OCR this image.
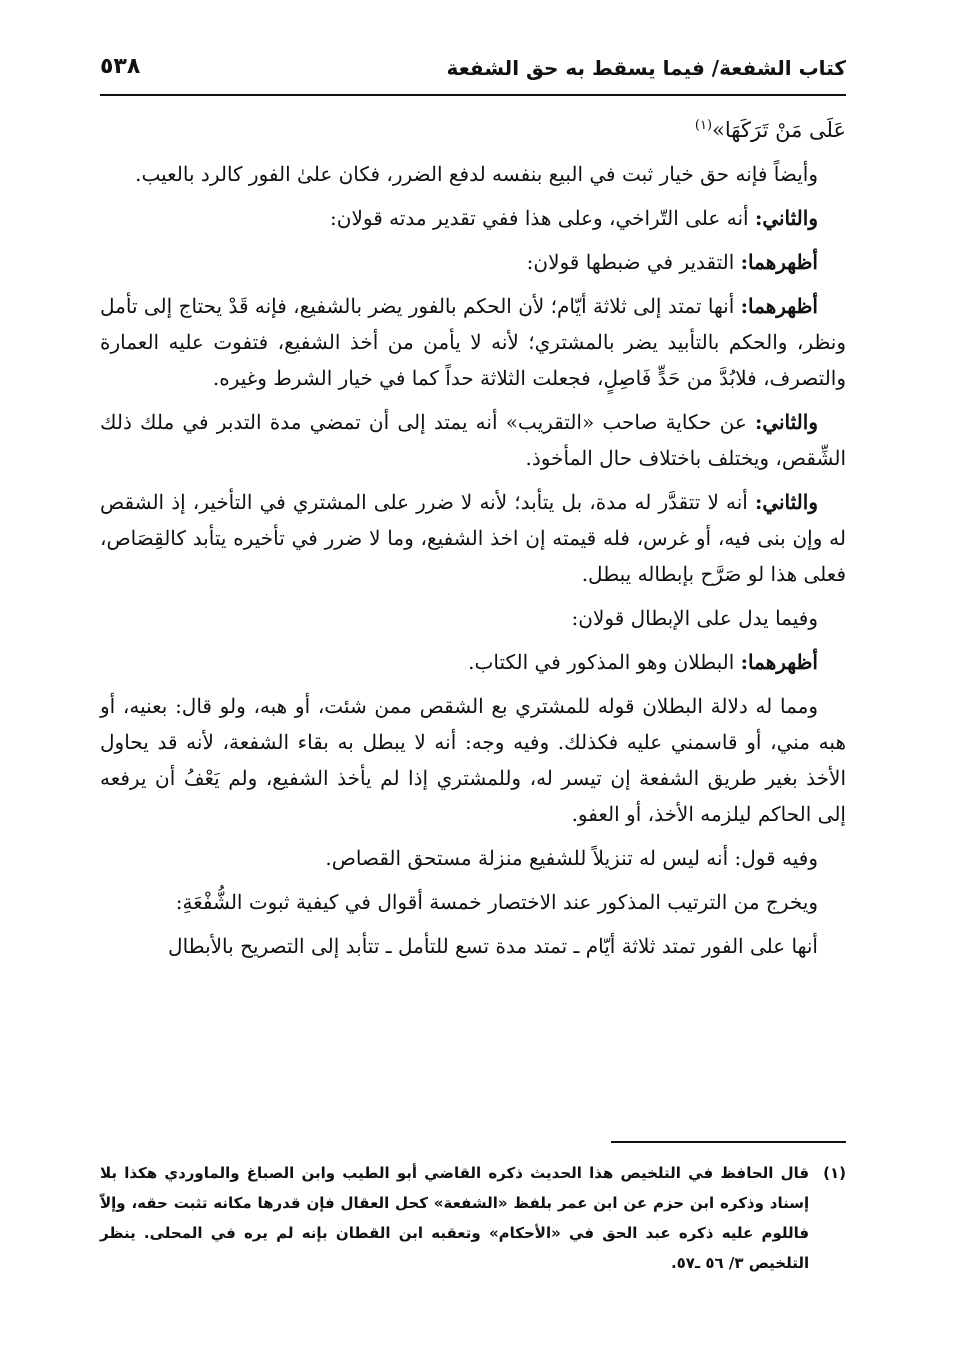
كتاب الشفعة/ فيما يسقط به حق الشفعة
٥٣٨

عَلَى مَنْ تَرَكَهَا»$^{(١)}$

وأيضاً فإنه حق خيار ثبت في البيع بنفسه لدفع الضرر، فكان علىٰ الفور كالرد بالعيب.

والثاني: أنه على التّراخي، وعلى هذا ففي تقدير مدته قولان:

أظهرهما: التقدير في ضبطها قولان:

أظهرهما: أنها تمتد إلى ثلاثة أيّام؛ لأن الحكم بالفور يضر بالشفيع، فإنه قَدْ يحتاج إلى تأمل ونظر، والحكم بالتأبيد يضر بالمشتري؛ لأنه لا يأمن من أخذ الشفيع، فتفوت عليه العمارة والتصرف، فلابُدَّ من حَدٍّ فَاصِلٍ، فجعلت الثلاثة حداً كما في خيار الشرط وغيره.

والثاني: عن حكاية صاحب «التقريب» أنه يمتد إلى أن تمضي مدة التدبر في ملك ذلك الشِّقص، ويختلف باختلاف حال المأخوذ.

والثاني: أنه لا تتقدَّر له مدة، بل يتأبد؛ لأنه لا ضرر على المشتري في التأخير، إذ الشقص له وإن بنى فيه، أو غرس، فله قيمته إن اخذ الشفيع، وما لا ضرر في تأخيره يتأبد كالقِصَاص، فعلى هذا لو صَرَّح بإبطاله يبطل.

وفيما يدل على الإبطال قولان:

أظهرهما: البطلان وهو المذكور في الكتاب.

ومما له دلالة البطلان قوله للمشتري بع الشقص ممن شئت، أو هبه، ولو قال: بعنيه، أو هبه مني، أو قاسمني عليه فكذلك. وفيه وجه: أنه لا يبطل به بقاء الشفعة، لأنه قد يحاول الأخذ بغير طريق الشفعة إن تيسر له، وللمشتري إذا لم يأخذ الشفيع، ولم يَعْفُ أن يرفعه إلى الحاكم ليلزمه الأخذ، أو العفو.

وفيه قول: أنه ليس له تنزيلاً للشفيع منزلة مستحق القصاص.

ويخرج من الترتيب المذكور عند الاختصار خمسة أقوال في كيفية ثبوت الشُّفْعَةِ:

أنها على الفور تمتد ثلاثة أيّام ـ تمتد مدة تسع للتأمل ـ تتأبد إلى التصريح بالأبطال

(١)
قال الحافظ في التلخيص هذا الحديث ذكره القاضي أبو الطيب وابن الصباغ والماوردي هكذا بلا إسناد وذكره ابن حزم عن ابن عمر بلفظ «الشفعة» كحل العقال فإن قدرها مكانه تثبت حقه، وإلاّ فاللوم عليه ذكره عبد الحق في «الأحكام» وتعقبه ابن القطان بإنه لم يره في المحلى. ينظر التلخيص ٣/ ٥٦ ـ٥٧.
